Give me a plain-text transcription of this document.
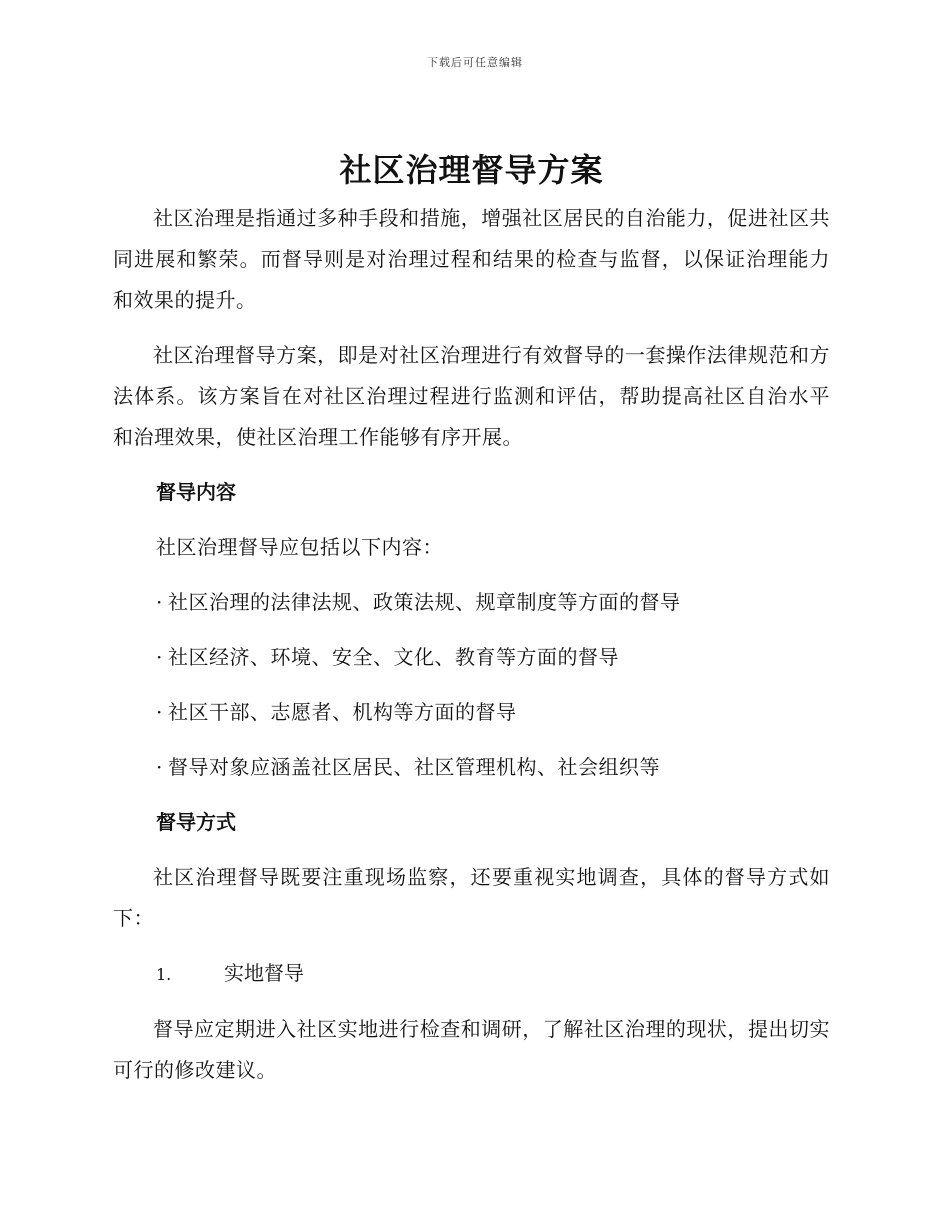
下载后可任意编辑
社区治理督导方案

社区治理是指通过多种手段和措施，增强社区居民的自治能力，促进社区共同进展和繁荣。而督导则是对治理过程和结果的检查与监督，以保证治理能力和效果的提升。

社区治理督导方案，即是对社区治理进行有效督导的一套操作法律规范和方法体系。该方案旨在对社区治理过程进行监测和评估，帮助提高社区自治水平和治理效果，使社区治理工作能够有序开展。

督导内容
社区治理督导应包括以下内容：
· 社区治理的法律法规、政策法规、规章制度等方面的督导
· 社区经济、环境、安全、文化、教育等方面的督导
· 社区干部、志愿者、机构等方面的督导
· 督导对象应涵盖社区居民、社区管理机构、社会组织等
督导方式

社区治理督导既要注重现场监察，还要重视实地调查，具体的督导方式如下：

1.	实地督导

督导应定期进入社区实地进行检查和调研，了解社区治理的现状，提出切实可行的修改建议。
